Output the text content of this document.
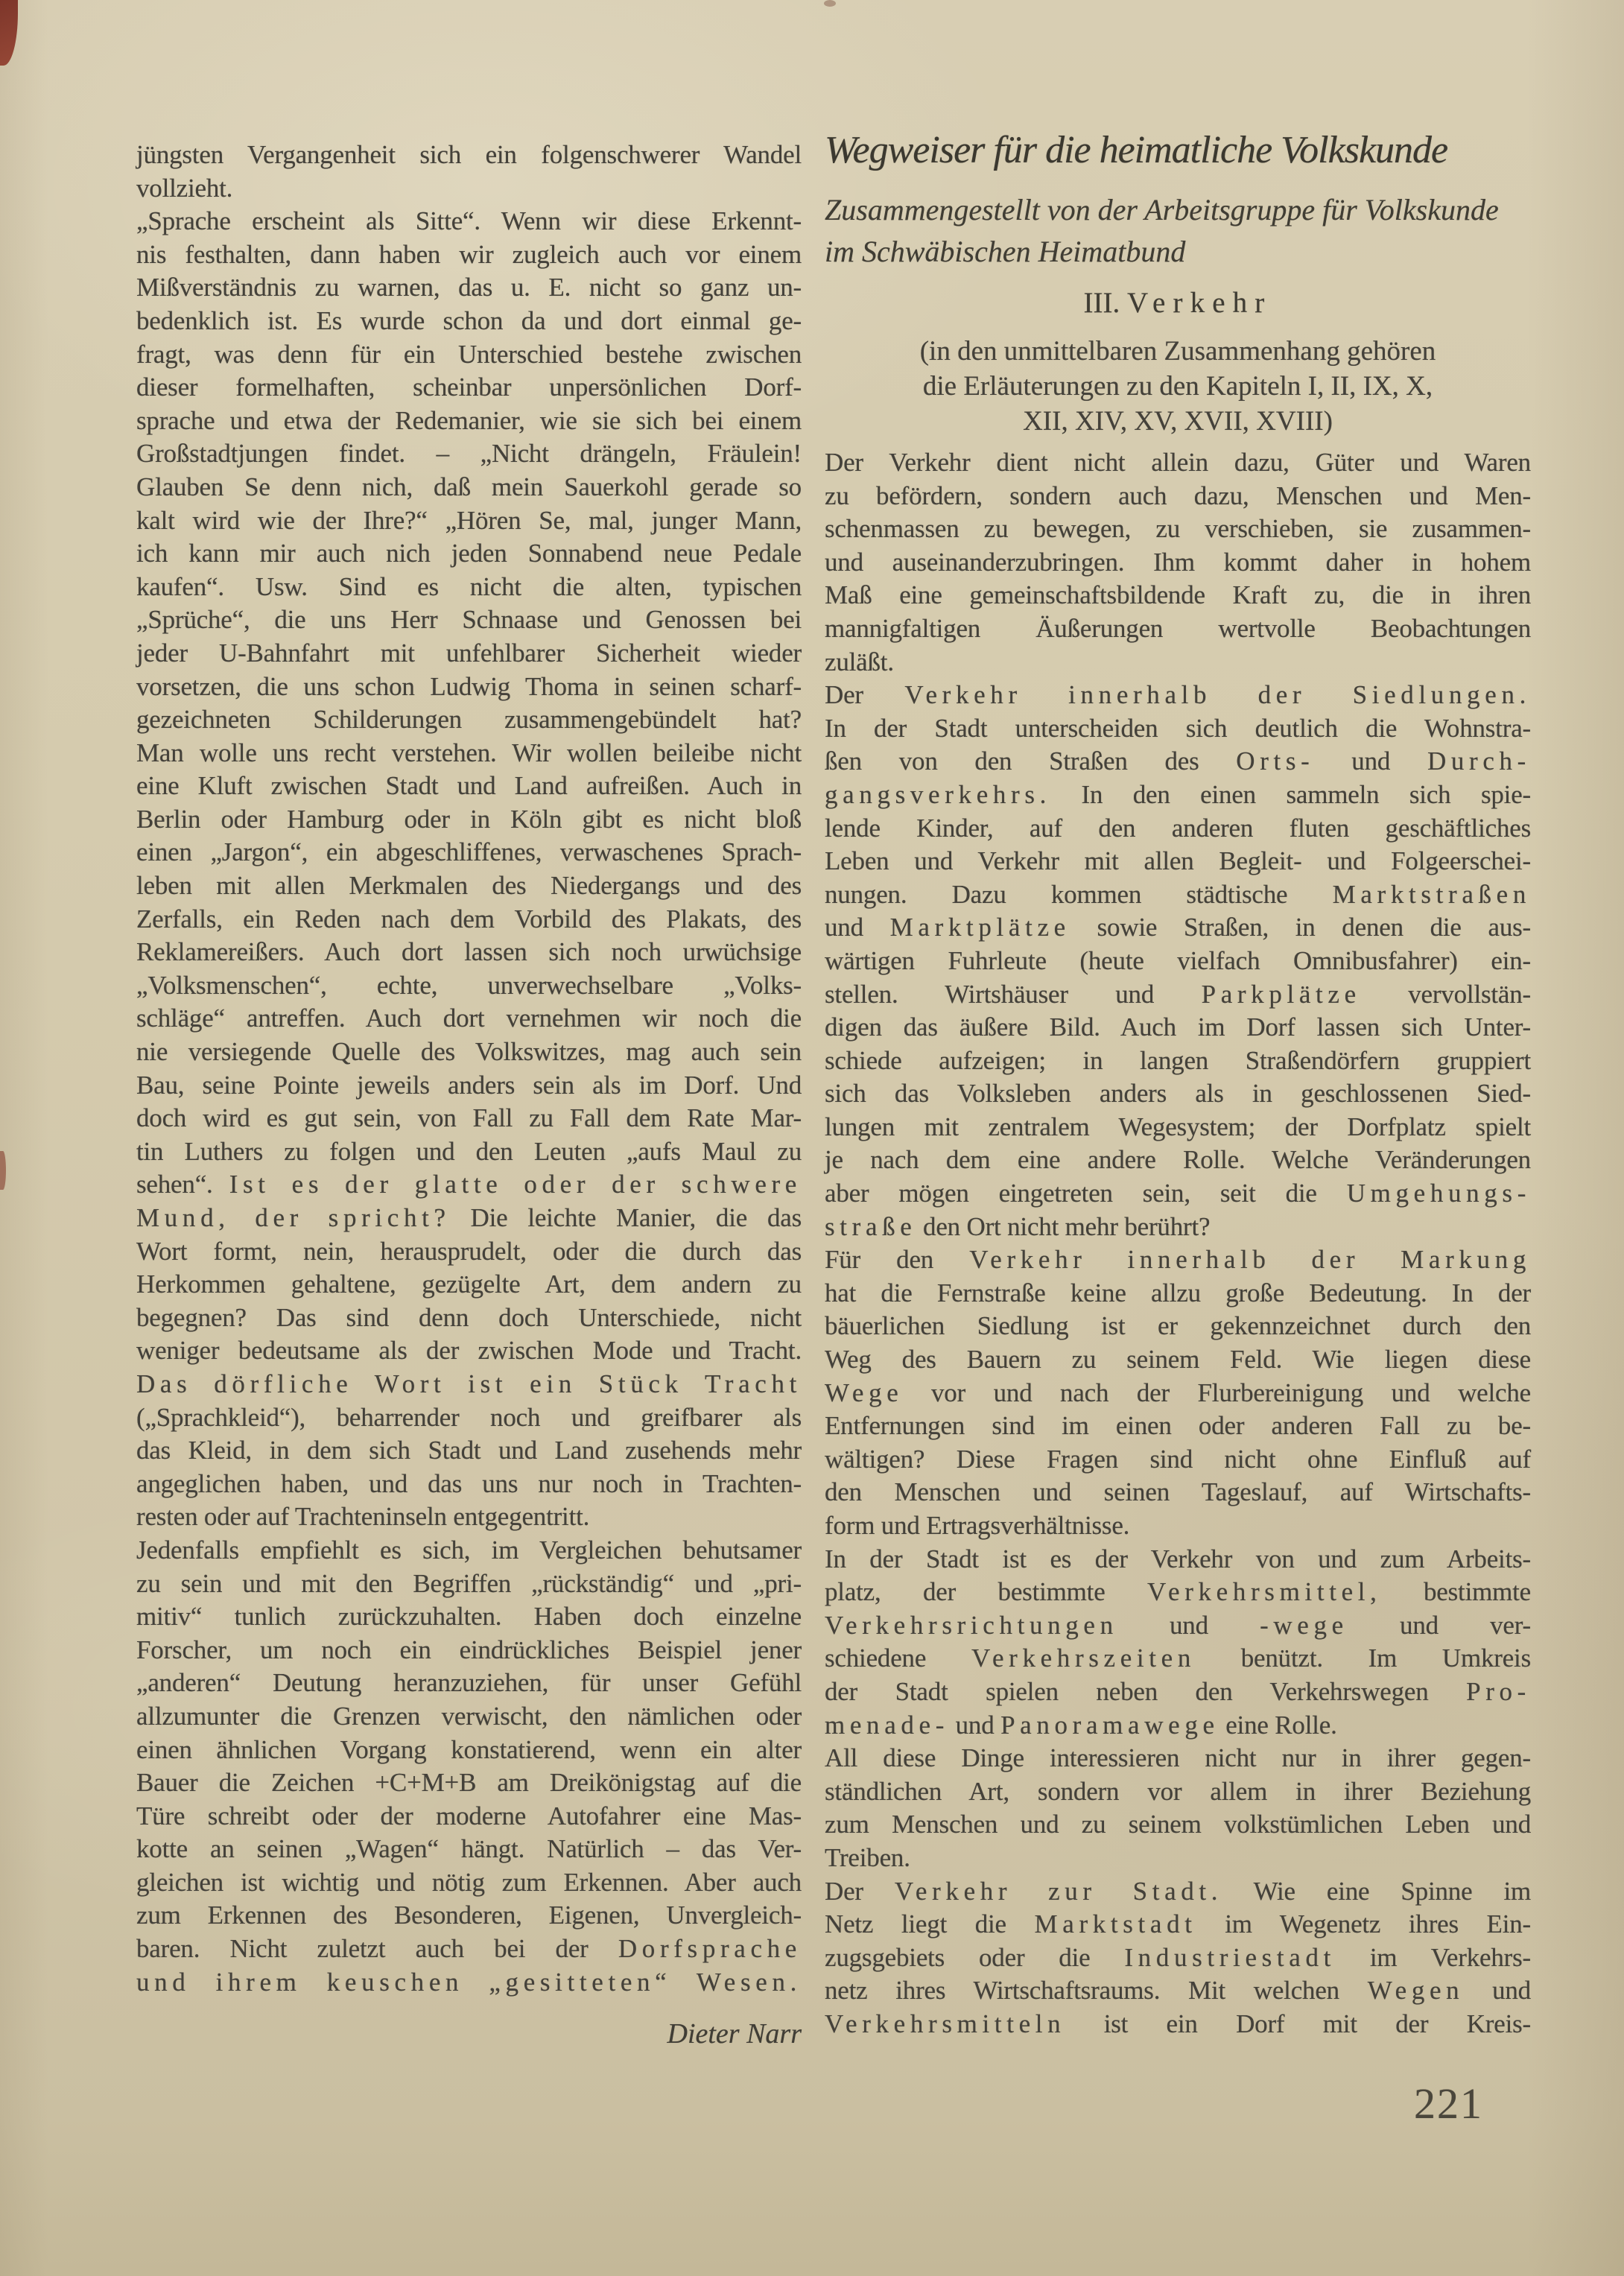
jüngsten Vergangenheit sich ein folgenschwerer Wandel
vollzieht.
„Sprache erscheint als Sitte“. Wenn wir diese Erkennt-
nis festhalten, dann haben wir zugleich auch vor einem
Mißverständnis zu warnen, das u. E. nicht so ganz un-
bedenklich ist. Es wurde schon da und dort einmal ge-
fragt, was denn für ein Unterschied bestehe zwischen
dieser formelhaften, scheinbar unpersönlichen Dorf-
sprache und etwa der Redemanier, wie sie sich bei einem
Großstadtjungen findet. – „Nicht drängeln, Fräulein!
Glauben Se denn nich, daß mein Sauerkohl gerade so
kalt wird wie der Ihre?“ „Hören Se, mal, junger Mann,
ich kann mir auch nich jeden Sonnabend neue Pedale
kaufen“. Usw. Sind es nicht die alten, typischen
„Sprüche“, die uns Herr Schnaase und Genossen bei
jeder U-Bahnfahrt mit unfehlbarer Sicherheit wieder
vorsetzen, die uns schon Ludwig Thoma in seinen scharf-
gezeichneten Schilderungen zusammengebündelt hat?
Man wolle uns recht verstehen. Wir wollen beileibe nicht
eine Kluft zwischen Stadt und Land aufreißen. Auch in
Berlin oder Hamburg oder in Köln gibt es nicht bloß
einen „Jargon“, ein abgeschliffenes, verwaschenes Sprach-
leben mit allen Merkmalen des Niedergangs und des
Zerfalls, ein Reden nach dem Vorbild des Plakats, des
Reklamereißers. Auch dort lassen sich noch urwüchsige
„Volksmenschen“, echte, unverwechselbare „Volks-
schläge“ antreffen. Auch dort vernehmen wir noch die
nie versiegende Quelle des Volkswitzes, mag auch sein
Bau, seine Pointe jeweils anders sein als im Dorf. Und
doch wird es gut sein, von Fall zu Fall dem Rate Mar-
tin Luthers zu folgen und den Leuten „aufs Maul zu
sehen“. Ist es der glatte oder der schwere
Mund, der spricht? Die leichte Manier, die das
Wort formt, nein, herausprudelt, oder die durch das
Herkommen gehaltene, gezügelte Art, dem andern zu
begegnen? Das sind denn doch Unterschiede, nicht
weniger bedeutsame als der zwischen Mode und Tracht.
Das dörfliche Wort ist ein Stück Tracht
(„Sprachkleid“), beharrender noch und greifbarer als
das Kleid, in dem sich Stadt und Land zusehends mehr
angeglichen haben, und das uns nur noch in Trachten-
resten oder auf Trachteninseln entgegentritt.
Jedenfalls empfiehlt es sich, im Vergleichen behutsamer
zu sein und mit den Begriffen „rückständig“ und „pri-
mitiv“ tunlich zurückzuhalten. Haben doch einzelne
Forscher, um noch ein eindrückliches Beispiel jener
„anderen“ Deutung heranzuziehen, für unser Gefühl
allzumunter die Grenzen verwischt, den nämlichen oder
einen ähnlichen Vorgang konstatierend, wenn ein alter
Bauer die Zeichen +C+M+B am Dreikönigstag auf die
Türe schreibt oder der moderne Autofahrer eine Mas-
kotte an seinen „Wagen“ hängt. Natürlich – das Ver-
gleichen ist wichtig und nötig zum Erkennen. Aber auch
zum Erkennen des Besonderen, Eigenen, Unvergleich-
baren. Nicht zuletzt auch bei der Dorfsprache
und ihrem keuschen „gesitteten“ Wesen.
Dieter Narr
Wegweiser für die heimatliche Volkskunde
Zusammengestellt von der Arbeitsgruppe für Volkskunde
im Schwäbischen Heimatbund
III. Verkehr
(in den unmittelbaren Zusammenhang gehören
die Erläuterungen zu den Kapiteln I, II, IX, X,
XII, XIV, XV, XVII, XVIII)
Der Verkehr dient nicht allein dazu, Güter und Waren
zu befördern, sondern auch dazu, Menschen und Men-
schenmassen zu bewegen, zu verschieben, sie zusammen-
und auseinanderzubringen. Ihm kommt daher in hohem
Maß eine gemeinschaftsbildende Kraft zu, die in ihren
mannigfaltigen Äußerungen wertvolle Beobachtungen
zuläßt.
Der Verkehr innerhalb der Siedlungen.
In der Stadt unterscheiden sich deutlich die Wohnstra-
ßen von den Straßen des Orts- und Durch-
gangsverkehrs. In den einen sammeln sich spie-
lende Kinder, auf den anderen fluten geschäftliches
Leben und Verkehr mit allen Begleit- und Folgeerschei-
nungen. Dazu kommen städtische Marktstraßen
und Marktplätze sowie Straßen, in denen die aus-
wärtigen Fuhrleute (heute vielfach Omnibusfahrer) ein-
stellen. Wirtshäuser und Parkplätze vervollstän-
digen das äußere Bild. Auch im Dorf lassen sich Unter-
schiede aufzeigen; in langen Straßendörfern gruppiert
sich das Volksleben anders als in geschlossenen Sied-
lungen mit zentralem Wegesystem; der Dorfplatz spielt
je nach dem eine andere Rolle. Welche Veränderungen
aber mögen eingetreten sein, seit die Umgehungs-
straße den Ort nicht mehr berührt?
Für den Verkehr innerhalb der Markung
hat die Fernstraße keine allzu große Bedeutung. In der
bäuerlichen Siedlung ist er gekennzeichnet durch den
Weg des Bauern zu seinem Feld. Wie liegen diese
Wege vor und nach der Flurbereinigung und welche
Entfernungen sind im einen oder anderen Fall zu be-
wältigen? Diese Fragen sind nicht ohne Einfluß auf
den Menschen und seinen Tageslauf, auf Wirtschafts-
form und Ertragsverhältnisse.
In der Stadt ist es der Verkehr von und zum Arbeits-
platz, der bestimmte Verkehrsmittel, bestimmte
Verkehrsrichtungen und -wege und ver-
schiedene Verkehrszeiten benützt. Im Umkreis
der Stadt spielen neben den Verkehrswegen Pro-
menade- und Panoramawege eine Rolle.
All diese Dinge interessieren nicht nur in ihrer gegen-
ständlichen Art, sondern vor allem in ihrer Beziehung
zum Menschen und zu seinem volkstümlichen Leben und
Treiben.
Der Verkehr zur Stadt. Wie eine Spinne im
Netz liegt die Marktstadt im Wegenetz ihres Ein-
zugsgebiets oder die Industriestadt im Verkehrs-
netz ihres Wirtschaftsraums. Mit welchen Wegen und
Verkehrsmitteln ist ein Dorf mit der Kreis-
221
